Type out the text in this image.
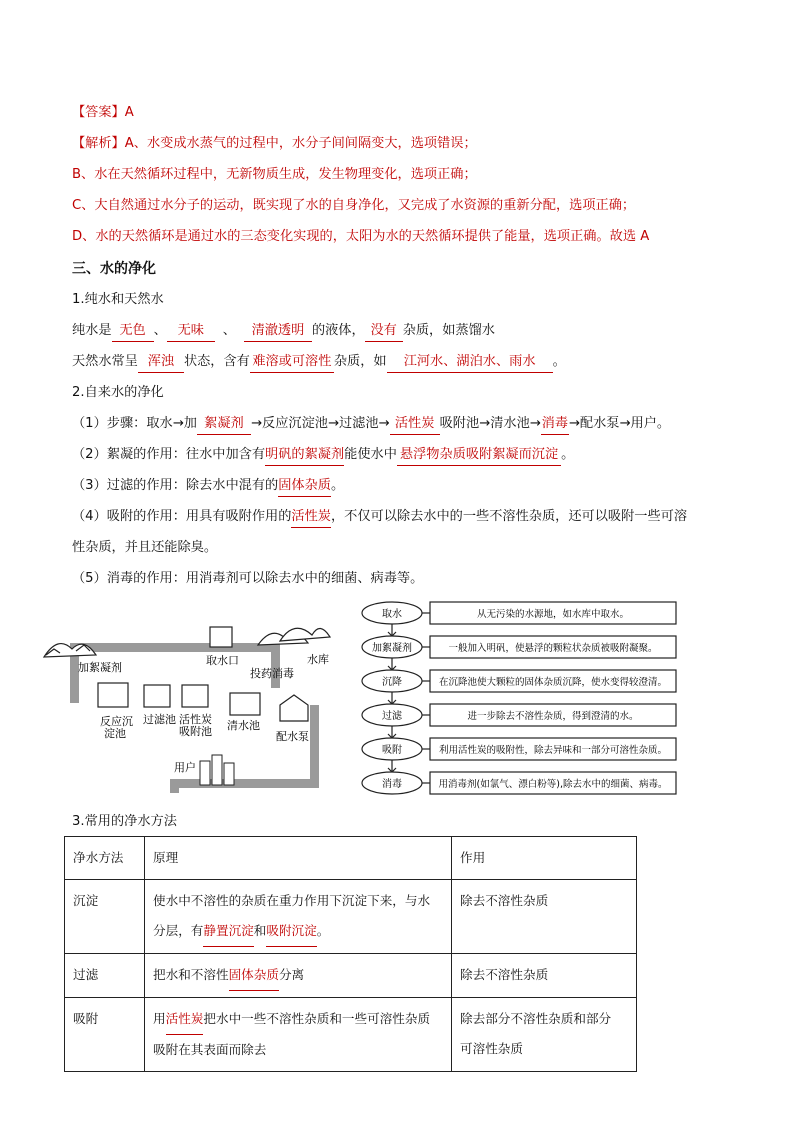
【答案】A
【解析】A、水变成水蒸气的过程中，水分子间间隔变大，选项错误；
B、水在天然循环过程中，无新物质生成，发生物理变化，选项正确；
C、大自然通过水分子的运动，既实现了水的自身净化，又完成了水资源的重新分配，选项正确；
D、水的天然循环是通过水的三态变化实现的，太阳为水的天然循环提供了能量，选项正确。故选 A
三、水的净化
1.纯水和天然水
纯水是 无色 、 无味 、 清澈透明 的液体， 没有 杂质，如蒸馏水
天然水常呈 浑浊 状态，含有 难溶或可溶性 杂质，如 江河水、湖泊水、雨水 。
2.自来水的净化
（1）步骤：取水→加 絮凝剂 →反应沉淀池→过滤池→ 活性炭 吸附池→清水池→消毒→配水泵→用户。
（2）絮凝的作用：往水中加含有明矾的絮凝剂能使水中 悬浮物杂质吸附絮凝而沉淀 。
（3）过滤的作用：除去水中混有的固体杂质。
（4）吸附的作用：用具有吸附作用的活性炭，不仅可以除去水中的一些不溶性杂质，还可以吸附一些可溶
性杂质，并且还能除臭。
（5）消毒的作用：用消毒剂可以除去水中的细菌、病毒等。
取水口	水库
加絮凝剂	投药消毒
反应沉
淀池
过滤池 活性炭
吸附池 清水池
配水泵
用户
取水	从无污染的水源地，如水库中取水。
加絮凝剂	一般加入明矾，使悬浮的颗粒状杂质被吸附凝聚。
沉降	在沉降池使大颗粒的固体杂质沉降，使水变得较澄清。
过滤	进一步除去不溶性杂质，得到澄清的水。
吸附	利用活性炭的吸附性，除去异味和一部分可溶性杂质。
消毒	用消毒剂(如氯气、漂白粉等),除去水中的细菌、病毒。
3.常用的净水方法
净水方法	原理	作用
沉淀	使水中不溶性的杂质在重力作用下沉淀下来，与水
分层，有静置沉淀和吸附沉淀。	除去不溶性杂质
过滤	把水和不溶性固体杂质分离	除去不溶性杂质
吸附	用活性炭把水中一些不溶性杂质和一些可溶性杂质
吸附在其表面而除去	除去部分不溶性杂质和部分
可溶性杂质
